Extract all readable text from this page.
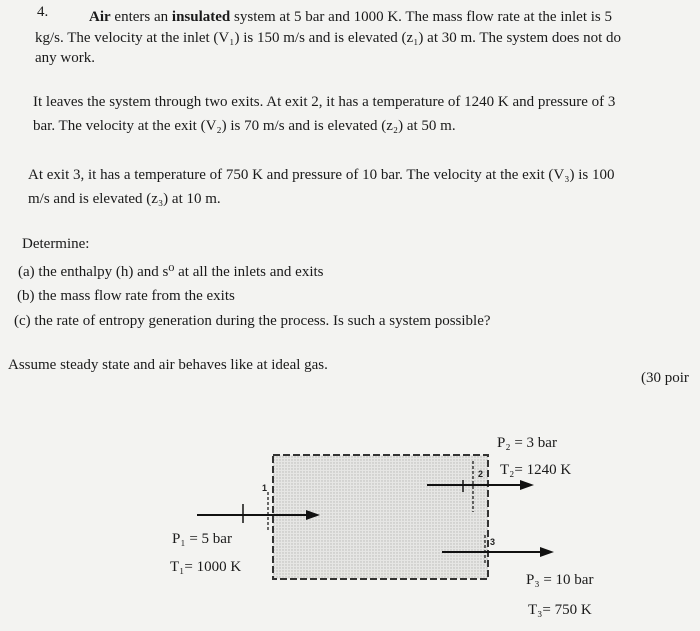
4.	Air enters an insulated system at 5 bar and 1000 K. The mass flow rate at the inlet is 5
kg/s. The velocity at the inlet (V₁) is 150 m/s and is elevated (z₁) at 30 m. The system does not do
any work.
It leaves the system through two exits. At exit 2, it has a temperature of 1240 K and pressure of 3
bar. The velocity at the exit (V₂) is 70 m/s and is elevated (z₂) at 50 m.
At exit 3, it has a temperature of 750 K and pressure of 10 bar. The velocity at the exit (V₃) is 100
m/s and is elevated (z₃) at 10 m.
Determine:
(a) the enthalpy (h) and s⁰ at all the inlets and exits
(b) the mass flow rate from the exits
(c) the rate of entropy generation during the process. Is such a system possible?
Assume steady state and air behaves like at ideal gas.
(30 poir
1
2
3
P₁ = 5 bar
T₁= 1000 K
P₂ = 3 bar
T₂= 1240 K
P₃ = 10 bar
T₃= 750 K
